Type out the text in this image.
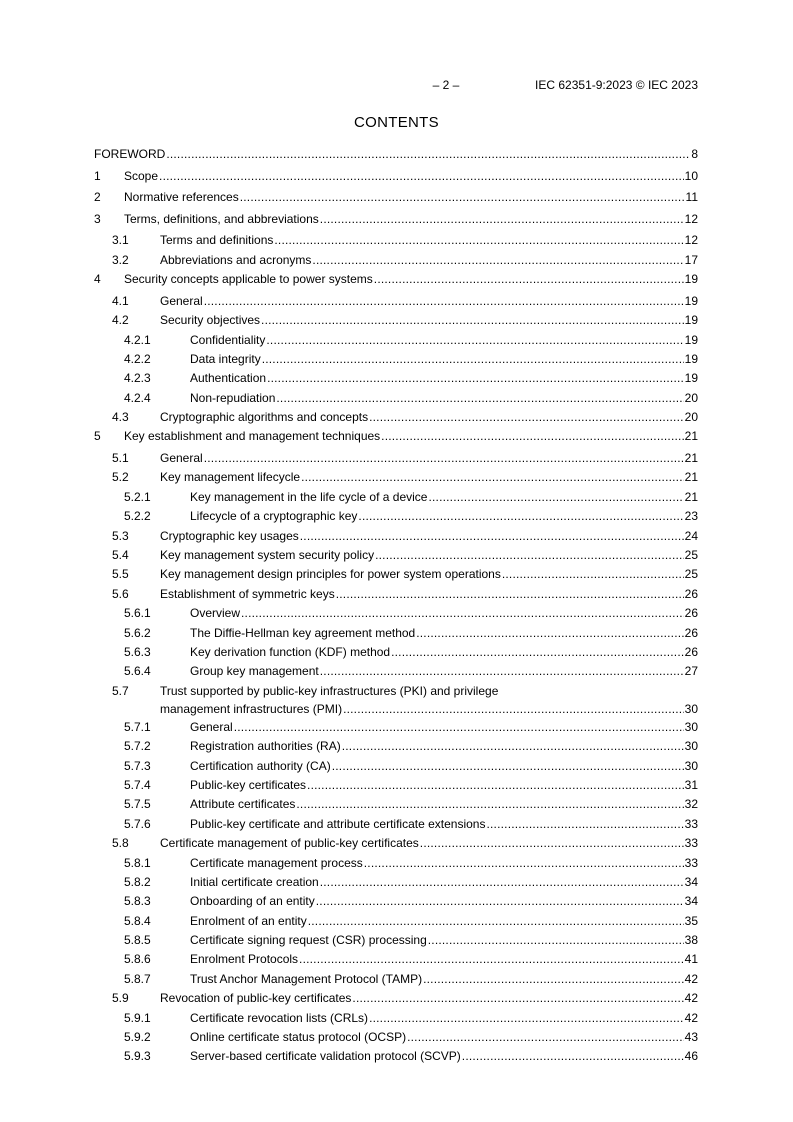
– 2 –	IEC 62351-9:2023 © IEC 2023
CONTENTS
FOREWORD .....	8
1 Scope .....	10
2 Normative references .....	11
3 Terms, definitions, and abbreviations .....	12
3.1	Terms and definitions .....	12
3.2	Abbreviations and acronyms .....	17
4 Security concepts applicable to power systems .....	19
4.1	General .....	19
4.2	Security objectives .....	19
4.2.1	Confidentiality .....	19
4.2.2	Data integrity .....	19
4.2.3	Authentication .....	19
4.2.4	Non-repudiation .....	20
4.3	Cryptographic algorithms and concepts .....	20
5 Key establishment and management techniques .....	21
5.1	General .....	21
5.2	Key management lifecycle .....	21
5.2.1	Key management in the life cycle of a device .....	21
5.2.2	Lifecycle of a cryptographic key .....	23
5.3	Cryptographic key usages .....	24
5.4	Key management system security policy .....	25
5.5	Key management design principles for power system operations .....	25
5.6	Establishment of symmetric keys .....	26
5.6.1	Overview .....	26
5.6.2	The Diffie-Hellman key agreement method .....	26
5.6.3	Key derivation function (KDF) method .....	26
5.6.4	Group key management .....	27
5.7	Trust supported by public-key infrastructures (PKI) and privilege
management infrastructures (PMI) .....	30
5.7.1	General .....	30
5.7.2	Registration authorities (RA) .....	30
5.7.3	Certification authority (CA) .....	30
5.7.4	Public-key certificates .....	31
5.7.5	Attribute certificates .....	32
5.7.6	Public-key certificate and attribute certificate extensions .....	33
5.8	Certificate management of public-key certificates .....	33
5.8.1	Certificate management process .....	33
5.8.2	Initial certificate creation .....	34
5.8.3	Onboarding of an entity .....	34
5.8.4	Enrolment of an entity .....	35
5.8.5	Certificate signing request (CSR) processing .....	38
5.8.6	Enrolment Protocols .....	41
5.8.7	Trust Anchor Management Protocol (TAMP) .....	42
5.9	Revocation of public-key certificates .....	42
5.9.1	Certificate revocation lists (CRLs) .....	42
5.9.2	Online certificate status protocol (OCSP) .....	43
5.9.3	Server-based certificate validation protocol (SCVP) .....	46
